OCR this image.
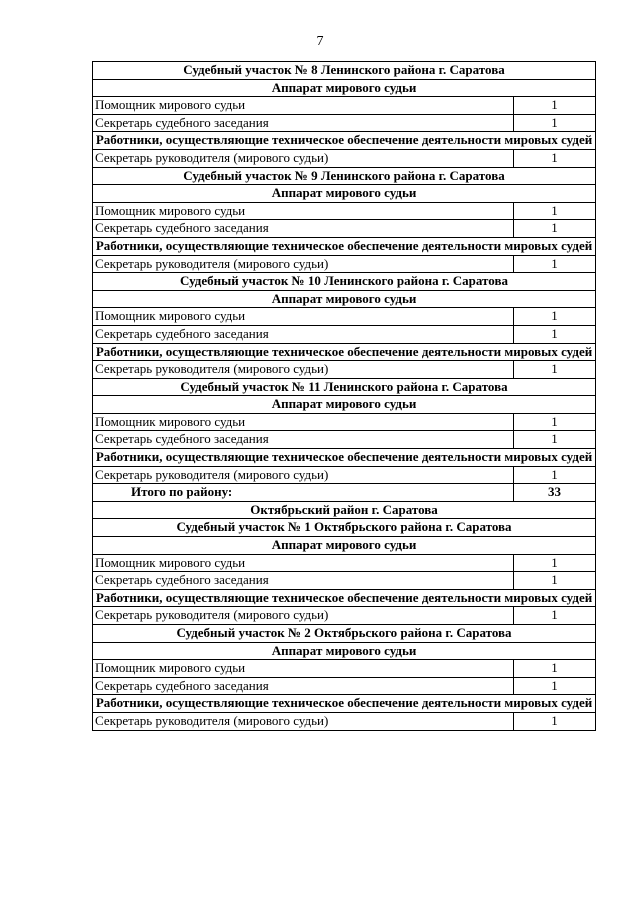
7
Судебный участок № 8 Ленинского района г. Саратова	
Аппарат мирового судьи	
Помощник мирового судьи	1
Секретарь судебного заседания	1
Работники, осуществляющие техническое обеспечение деятельности мировых судей	
Секретарь руководителя (мирового судьи)	1
Судебный участок № 9 Ленинского района г. Саратова	
Аппарат мирового судьи	
Помощник мирового судьи	1
Секретарь судебного заседания	1
Работники, осуществляющие техническое обеспечение деятельности мировых судей	
Секретарь руководителя (мирового судьи)	1
Судебный участок № 10 Ленинского района г. Саратова	
Аппарат мирового судьи	
Помощник мирового судьи	1
Секретарь судебного заседания	1
Работники, осуществляющие техническое обеспечение деятельности мировых судей	
Секретарь руководителя (мирового судьи)	1
Судебный участок № 11 Ленинского района г. Саратова	
Аппарат мирового судьи	
Помощник мирового судьи	1
Секретарь судебного заседания	1
Работники, осуществляющие техническое обеспечение деятельности мировых судей	
Секретарь руководителя (мирового судьи)	1
Итого по району:	33
Октябрьский район г. Саратова	
Судебный участок № 1 Октябрьского района г. Саратова	
Аппарат мирового судьи	
Помощник мирового судьи	1
Секретарь судебного заседания	1
Работники, осуществляющие техническое обеспечение деятельности мировых судей	
Секретарь руководителя (мирового судьи)	1
Судебный участок № 2 Октябрьского района г. Саратова	
Аппарат мирового судьи	
Помощник мирового судьи	1
Секретарь судебного заседания	1
Работники, осуществляющие техническое обеспечение деятельности мировых судей	
Секретарь руководителя (мирового судьи)	1
